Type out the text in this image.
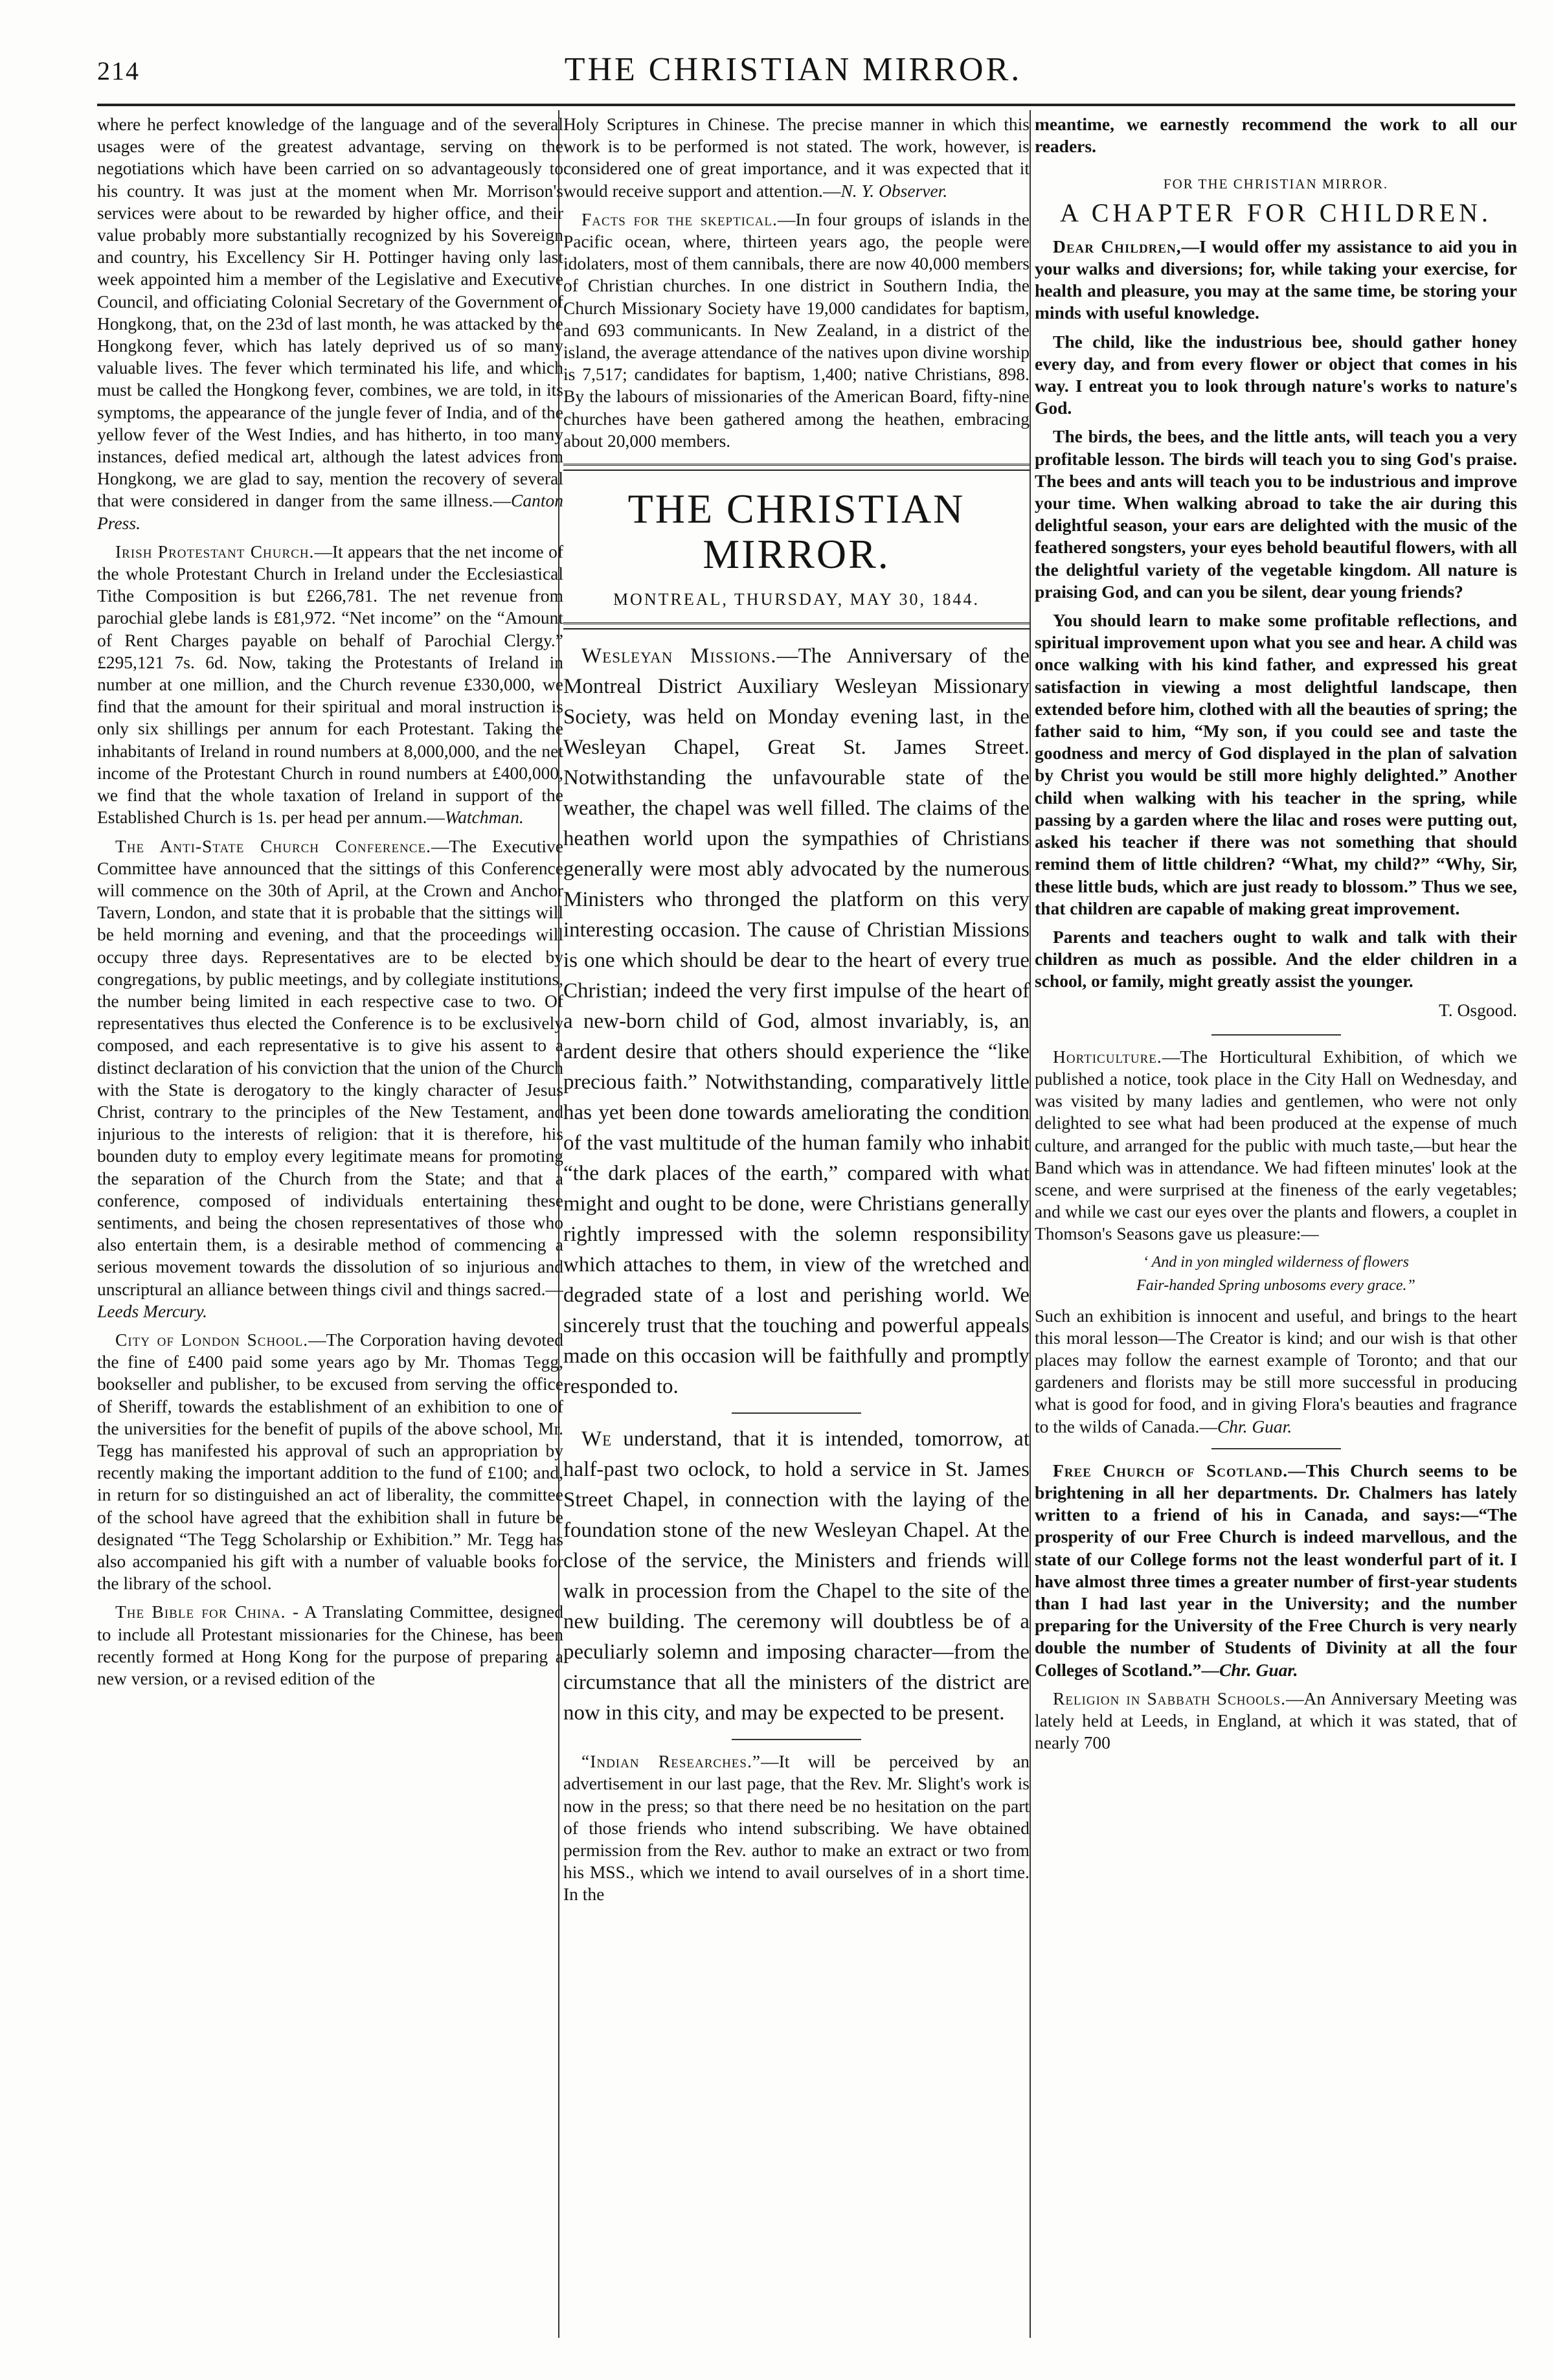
214	THE CHRISTIAN MIRROR.

where he perfect knowledge of the language and of the several usages were of the greatest advantage, serving on the negotiations which have been carried on so advantageously to his country. It was just at the moment when Mr. Morrison's services were about to be rewarded by higher office, and their value probably more substantially recognized by his Sovereign and country, his Excellency Sir H. Pottinger having only last week appointed him a member of the Legislative and Executive Council, and officiating Colonial Secretary of the Government of Hongkong, that, on the 23d of last month, he was attacked by the Hongkong fever, which has lately deprived us of so many valuable lives. The fever which terminated his life, and which must be called the Hongkong fever, combines, we are told, in its symptoms, the appearance of the jungle fever of India, and of the yellow fever of the West Indies, and has hitherto, in too many instances, defied medical art, although the latest advices from Hongkong, we are glad to say, mention the recovery of several that were considered in danger from the same illness.—Canton Press.

Irish Protestant Church.—It appears that the net income of the whole Protestant Church in Ireland under the Ecclesiastical Tithe Composition is but £266,781. The net revenue from parochial glebe lands is £81,972. “Net income” on the “Amount of Rent Charges payable on behalf of Parochial Clergy.” £295,121 7s. 6d. Now, taking the Protestants of Ireland in number at one million, and the Church revenue £330,000, we find that the amount for their spiritual and moral instruction is only six shillings per annum for each Protestant. Taking the inhabitants of Ireland in round numbers at 8,000,000, and the net income of the Protestant Church in round numbers at £400,000, we find that the whole taxation of Ireland in support of the Established Church is 1s. per head per annum.—Watchman.

The Anti-State Church Conference.—The Executive Committee have announced that the sittings of this Conference will commence on the 30th of April, at the Crown and Anchor Tavern, London, and state that it is probable that the sittings will be held morning and evening, and that the proceedings will occupy three days. Representatives are to be elected by congregations, by public meetings, and by collegiate institutions, the number being limited in each respective case to two. Of representatives thus elected the Conference is to be exclusively composed, and each representative is to give his assent to a distinct declaration of his conviction that the union of the Church with the State is derogatory to the kingly character of Jesus Christ, contrary to the principles of the New Testament, and injurious to the interests of religion: that it is therefore, his bounden duty to employ every legitimate means for promoting the separation of the Church from the State; and that a conference, composed of individuals entertaining these sentiments, and being the chosen representatives of those who also entertain them, is a desirable method of commencing a serious movement towards the dissolution of so injurious and unscriptural an alliance between things civil and things sacred.—Leeds Mercury.

City of London School.—The Corporation having devoted the fine of £400 paid some years ago by Mr. Thomas Tegg, bookseller and publisher, to be excused from serving the office of Sheriff, towards the establishment of an exhibition to one of the universities for the benefit of pupils of the above school, Mr. Tegg has manifested his approval of such an appropriation by recently making the important addition to the fund of £100; and, in return for so distinguished an act of liberality, the committee of the school have agreed that the exhibition shall in future be designated “The Tegg Scholarship or Exhibition.” Mr. Tegg has also accompanied his gift with a number of valuable books for the library of the school.

The Bible for China. - A Translating Committee, designed to include all Protestant missionaries for the Chinese, has been recently formed at Hong Kong for the purpose of preparing a new version, or a revised edition of the

Holy Scriptures in Chinese. The precise manner in which this work is to be performed is not stated. The work, however, is considered one of great importance, and it was expected that it would receive support and attention.—N. Y. Observer.

Facts for the skeptical.—In four groups of islands in the Pacific ocean, where, thirteen years ago, the people were idolaters, most of them cannibals, there are now 40,000 members of Christian churches. In one district in Southern India, the Church Missionary Society have 19,000 candidates for baptism, and 693 communicants. In New Zealand, in a district of the island, the average attendance of the natives upon divine worship is 7,517; candidates for baptism, 1,400; native Christians, 898. By the labours of missionaries of the American Board, fifty-nine churches have been gathered among the heathen, embracing about 20,000 members.

THE CHRISTIAN MIRROR.
MONTREAL, THURSDAY, MAY 30, 1844.

Wesleyan Missions.—The Anniversary of the Montreal District Auxiliary Wesleyan Missionary Society, was held on Monday evening last, in the Wesleyan Chapel, Great St. James Street. Notwithstanding the unfavourable state of the weather, the chapel was well filled. The claims of the heathen world upon the sympathies of Christians generally were most ably advocated by the numerous Ministers who thronged the platform on this very interesting occasion. The cause of Christian Missions is one which should be dear to the heart of every true Christian; indeed the very first impulse of the heart of a new-born child of God, almost invariably, is, an ardent desire that others should experience the “like precious faith.” Notwithstanding, comparatively little has yet been done towards ameliorating the condition of the vast multitude of the human family who inhabit “the dark places of the earth,” compared with what might and ought to be done, were Christians generally rightly impressed with the solemn responsibility which attaches to them, in view of the wretched and degraded state of a lost and perishing world. We sincerely trust that the touching and powerful appeals made on this occasion will be faithfully and promptly responded to.

We understand, that it is intended, tomorrow, at half-past two oclock, to hold a service in St. James Street Chapel, in connection with the laying of the foundation stone of the new Wesleyan Chapel. At the close of the service, the Ministers and friends will walk in procession from the Chapel to the site of the new building. The ceremony will doubtless be of a peculiarly solemn and imposing character—from the circumstance that all the ministers of the district are now in this city, and may be expected to be present.

“Indian Researches.”—It will be perceived by an advertisement in our last page, that the Rev. Mr. Slight's work is now in the press; so that there need be no hesitation on the part of those friends who intend subscribing. We have obtained permission from the Rev. author to make an extract or two from his MSS., which we intend to avail ourselves of in a short time. In the

meantime, we earnestly recommend the work to all our readers.

FOR THE CHRISTIAN MIRROR.
A CHAPTER FOR CHILDREN.

Dear Children,—I would offer my assistance to aid you in your walks and diversions; for, while taking your exercise, for health and pleasure, you may at the same time, be storing your minds with useful knowledge.

The child, like the industrious bee, should gather honey every day, and from every flower or object that comes in his way. I entreat you to look through nature's works to nature's God.

The birds, the bees, and the little ants, will teach you a very profitable lesson. The birds will teach you to sing God's praise. The bees and ants will teach you to be industrious and improve your time. When walking abroad to take the air during this delightful season, your ears are delighted with the music of the feathered songsters, your eyes behold beautiful flowers, with all the delightful variety of the vegetable kingdom. All nature is praising God, and can you be silent, dear young friends?

You should learn to make some profitable reflections, and spiritual improvement upon what you see and hear. A child was once walking with his kind father, and expressed his great satisfaction in viewing a most delightful landscape, then extended before him, clothed with all the beauties of spring; the father said to him, “My son, if you could see and taste the goodness and mercy of God displayed in the plan of salvation by Christ you would be still more highly delighted.” Another child when walking with his teacher in the spring, while passing by a garden where the lilac and roses were putting out, asked his teacher if there was not something that should remind them of little children? “What, my child?” “Why, Sir, these little buds, which are just ready to blossom.” Thus we see, that children are capable of making great improvement.

Parents and teachers ought to walk and talk with their children as much as possible. And the elder children in a school, or family, might greatly assist the younger.

T. Osgood.

Horticulture.—The Horticultural Exhibition, of which we published a notice, took place in the City Hall on Wednesday, and was visited by many ladies and gentlemen, who were not only delighted to see what had been produced at the expense of much culture, and arranged for the public with much taste,—but hear the Band which was in attendance. We had fifteen minutes' look at the scene, and were surprised at the fineness of the early vegetables; and while we cast our eyes over the plants and flowers, a couplet in Thomson's Seasons gave us pleasure:—

‘ And in yon mingled wilderness of flowers
Fair-handed Spring unbosoms every grace.”

Such an exhibition is innocent and useful, and brings to the heart this moral lesson—The Creator is kind; and our wish is that other places may follow the earnest example of Toronto; and that our gardeners and florists may be still more successful in producing what is good for food, and in giving Flora's beauties and fragrance to the wilds of Canada.—Chr. Guar.

Free Church of Scotland.—This Church seems to be brightening in all her departments. Dr. Chalmers has lately written to a friend of his in Canada, and says:—“The prosperity of our Free Church is indeed marvellous, and the state of our College forms not the least wonderful part of it. I have almost three times a greater number of first-year students than I had last year in the University; and the number preparing for the University of the Free Church is very nearly double the number of Students of Divinity at all the four Colleges of Scotland.”—Chr. Guar.

Religion in Sabbath Schools.—An Anniversary Meeting was lately held at Leeds, in England, at which it was stated, that of nearly 700
